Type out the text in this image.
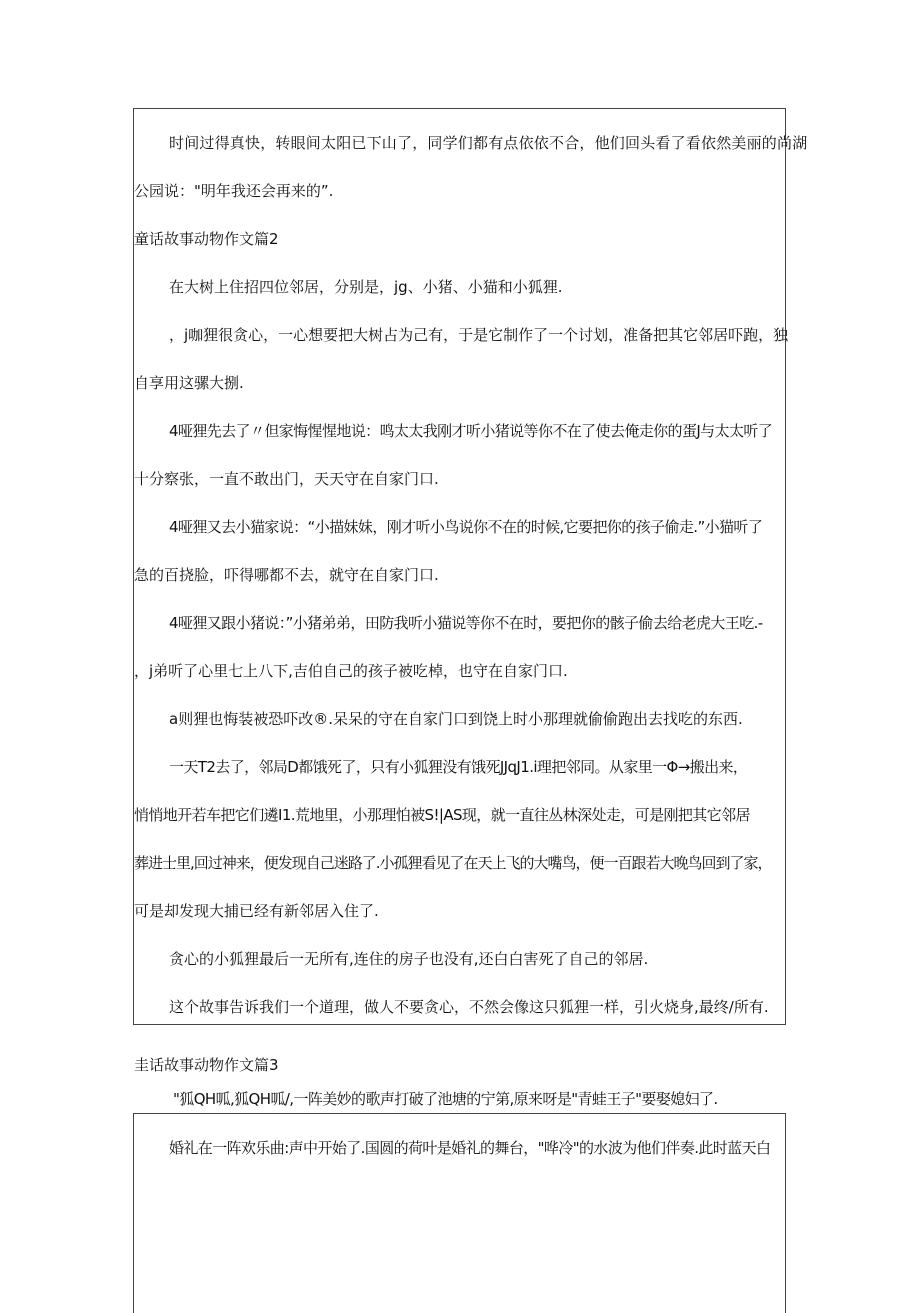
时间过得真快，转眼间太阳已下山了，同学们都有点依依不合，他们回头看了看依然美丽的尚湖
公园说："明年我还会再来的”.
童话故事动物作文篇2
在大树上住招四位邻居，分别是，jg、小猪、小猫和小狐狸.
，j咖狸很贪心，一心想要把大树占为己有，于是它制作了一个讨划，准备把其它邻居吓跑，独
自享用这骡大捌.
4哑狸先去了〃但家悔惺惺地说：鸣太太我刚才听小猪说等你不在了使去俺走你的蛋J与太太听了
十分察张，一直不敢出门，天天守在自家门口.
4哑狸又去小猫家说：“小描妹妹，刚才听小鸟说你不在的时候,它要把你的孩子偷走.”小猫听了
急的百挠脸，吓得哪都不去，就守在自家门口.
4哑狸又跟小猪说：”小猪弟弟，田防我听小猫说等你不在时，要把你的骸子偷去给老虎大王吃.-
，j弟听了心里七上八下,吉伯自己的孩子被吃棹，也守在自家门口.
a则狸也悔装被恐吓改®.呆呆的守在自家门口到饶上时小那理就偷偷跑出去找吃的东西.
一天T2去了，邻局D都饿死了，只有小狐狸没有饿死JJqJ1.i理把邻同。从家里一Φ→搬出来，
悄悄地开若车把它们遴I1.荒地里，小那理怕被S!|AS现，就一直往丛林深处走，可是刚把其它邻居
葬进士里,回过神来，便发现自己迷路了.小孤狸看见了在天上飞的大嘴鸟，便一百跟若大晚鸟回到了家，
可是却发现大捕已经有新邻居入住了.
贪心的小狐狸最后一无所有,连住的房子也没有,还白白害死了自己的邻居.
这个故事告诉我们一个道理，做人不要贪心，不然会像这只狐狸一样，引火烧身,最终/所有.
圭话故事动物作文篇3
"狐QH呱,狐QH呱/,一阵美妙的歌声打破了池塘的宁第,原来呀是"青蛙王子"要娶媳妇了.
婚礼在一阵欢乐曲:声中开始了.国圆的荷叶是婚礼的舞台，"哗冷"的水波为他们伴奏.此时蓝天白
